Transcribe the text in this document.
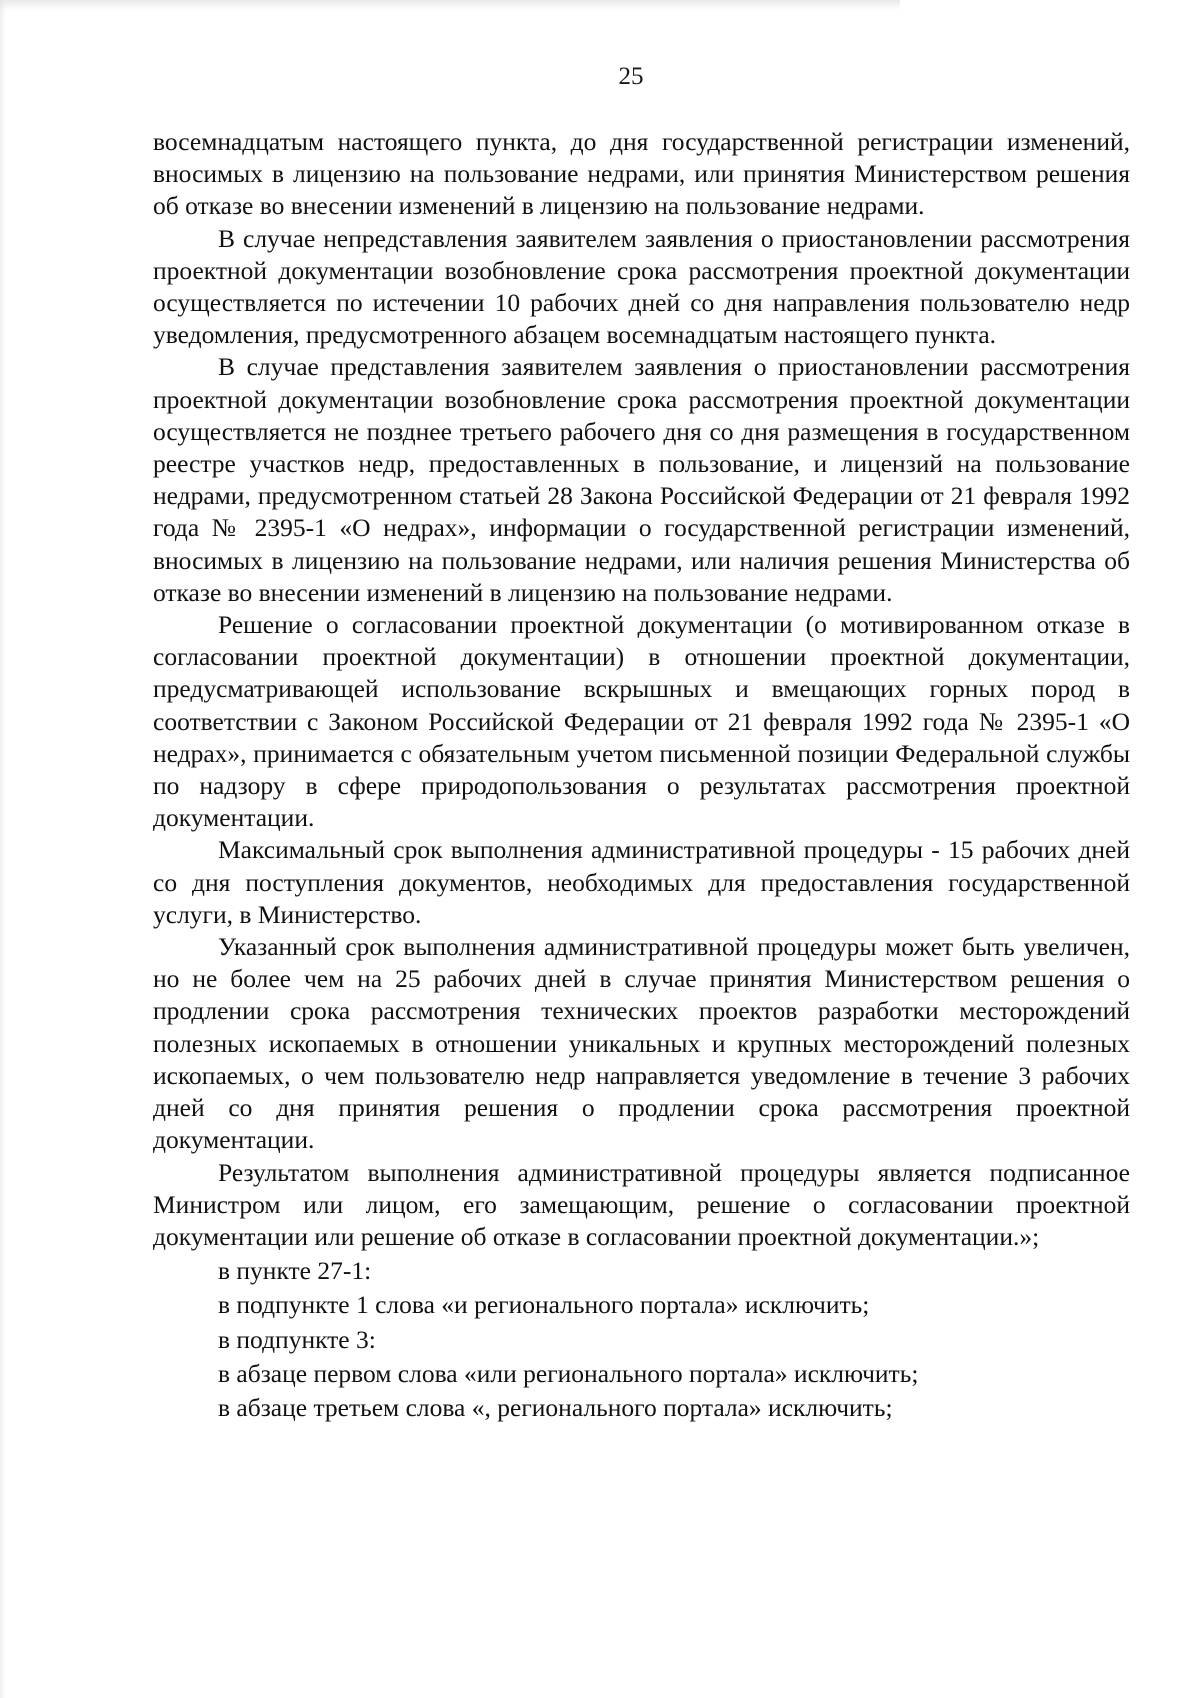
25

восемнадцатым настоящего пункта, до дня государственной регистрации изменений, вносимых в лицензию на пользование недрами, или принятия Министерством решения об отказе во внесении изменений в лицензию на пользование недрами.

В случае непредставления заявителем заявления о приостановлении рассмотрения проектной документации возобновление срока рассмотрения проектной документации осуществляется по истечении 10 рабочих дней со дня направления пользователю недр уведомления, предусмотренного абзацем восемнадцатым настоящего пункта.

В случае представления заявителем заявления о приостановлении рассмотрения проектной документации возобновление срока рассмотрения проектной документации осуществляется не позднее третьего рабочего дня со дня размещения в государственном реестре участков недр, предоставленных в пользование, и лицензий на пользование недрами, предусмотренном статьей 28 Закона Российской Федерации от 21 февраля 1992 года № 2395-1 «О недрах», информации о государственной регистрации изменений, вносимых в лицензию на пользование недрами, или наличия решения Министерства об отказе во внесении изменений в лицензию на пользование недрами.

Решение о согласовании проектной документации (о мотивированном отказе в согласовании проектной документации) в отношении проектной документации, предусматривающей использование вскрышных и вмещающих горных пород в соответствии с Законом Российской Федерации от 21 февраля 1992 года № 2395-1 «О недрах», принимается с обязательным учетом письменной позиции Федеральной службы по надзору в сфере природопользования о результатах рассмотрения проектной документации.

Максимальный срок выполнения административной процедуры - 15 рабочих дней со дня поступления документов, необходимых для предоставления государственной услуги, в Министерство.

Указанный срок выполнения административной процедуры может быть увеличен, но не более чем на 25 рабочих дней в случае принятия Министерством решения о продлении срока рассмотрения технических проектов разработки месторождений полезных ископаемых в отношении уникальных и крупных месторождений полезных ископаемых, о чем пользователю недр направляется уведомление в течение 3 рабочих дней со дня принятия решения о продлении срока рассмотрения проектной документации.

Результатом выполнения административной процедуры является подписанное Министром или лицом, его замещающим, решение о согласовании проектной документации или решение об отказе в согласовании проектной документации.»;

в пункте 27-1:

в подпункте 1 слова «и регионального портала» исключить;

в подпункте 3:

в абзаце первом слова «или регионального портала» исключить;

в абзаце третьем слова «, регионального портала» исключить;
